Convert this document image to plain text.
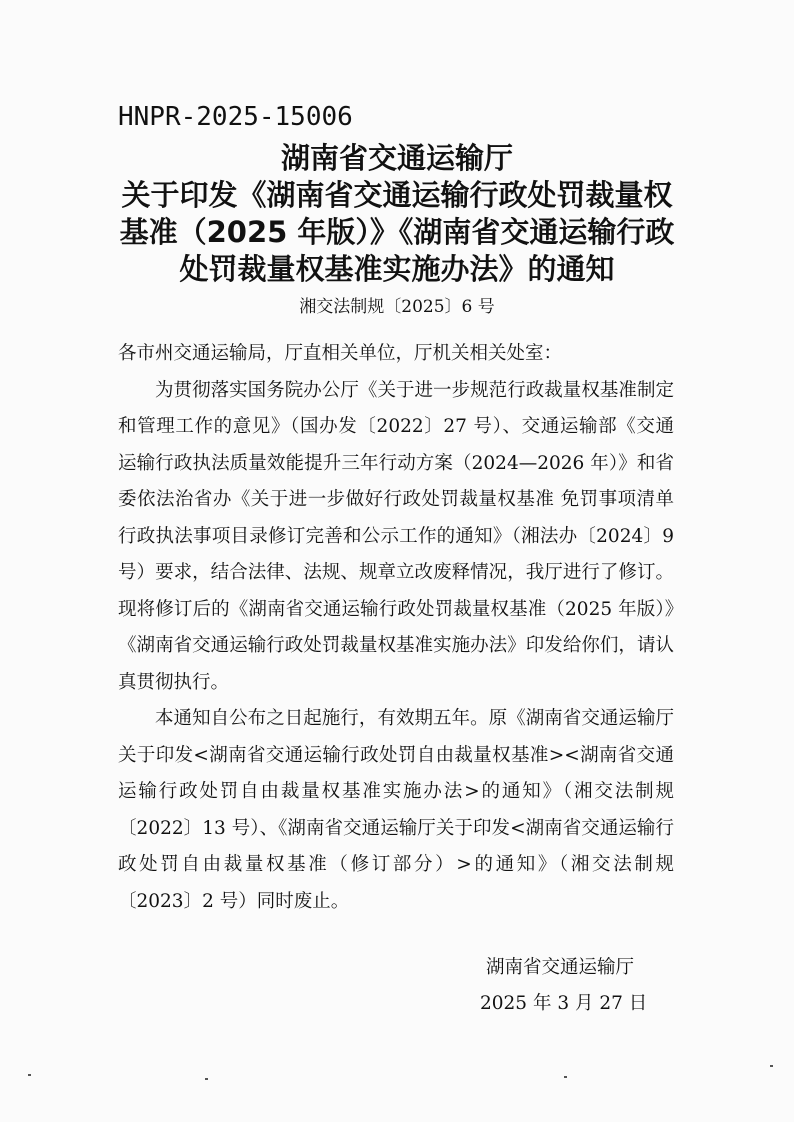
HNPR-2025-15006
湖南省交通运输厅
关于印发《湖南省交通运输行政处罚裁量权
基准（2025 年版）》《湖南省交通运输行政
处罚裁量权基准实施办法》的通知
湘交法制规〔2025〕6 号

各市州交通运输局，厅直相关单位，厅机关相关处室：

为贯彻落实国务院办公厅《关于进一步规范行政裁量权基准制定和管理工作的意见》（国办发〔2022〕27 号）、交通运输部《交通运输行政执法质量效能提升三年行动方案（2024—2026 年）》和省委依法治省办《关于进一步做好行政处罚裁量权基准 免罚事项清单 行政执法事项目录修订完善和公示工作的通知》（湘法办〔2024〕9 号）要求，结合法律、法规、规章立改废释情况，我厅进行了修订。现将修订后的《湖南省交通运输行政处罚裁量权基准（2025 年版）》《湖南省交通运输行政处罚裁量权基准实施办法》印发给你们，请认真贯彻执行。

本通知自公布之日起施行，有效期五年。原《湖南省交通运输厅关于印发<湖南省交通运输行政处罚自由裁量权基准><湖南省交通运输行政处罚自由裁量权基准实施办法>的通知》（湘交法制规〔2022〕13 号）、《湖南省交通运输厅关于印发<湖南省交通运输行政处罚自由裁量权基准（修订部分）>的通知》（湘交法制规〔2023〕2 号）同时废止。

湖南省交通运输厅
2025 年 3 月 27 日
